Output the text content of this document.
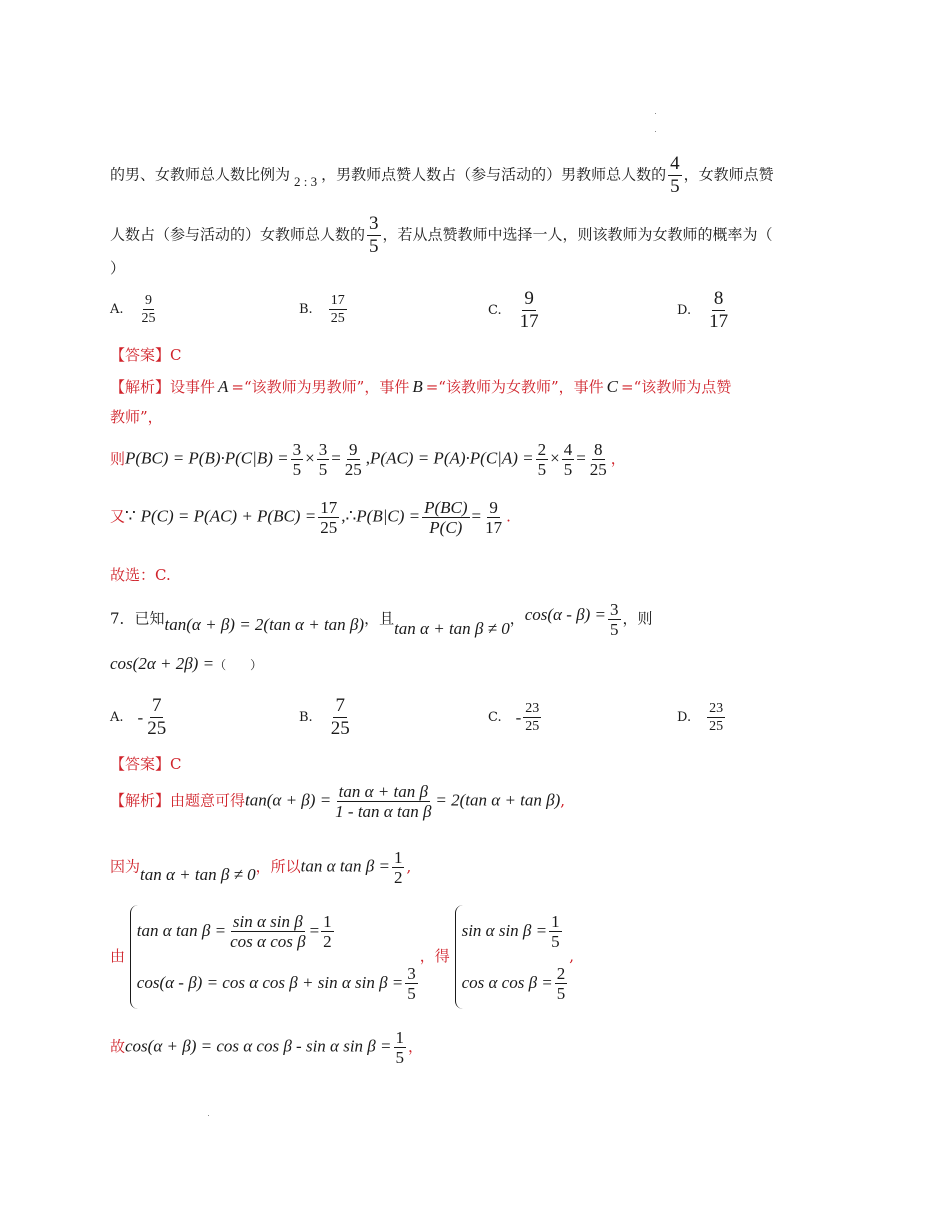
的男、女教师总人数比例为 2 : 3 ，男教师点赞人数占（参与活动的）男教师总人数的 $\frac{4}{5}$ ，女教师点赞
人数占（参与活动的）女教师总人数的 $\frac{3}{5}$ ，若从点赞教师中选择一人，则该教师为女教师的概率为（
）
A. $\frac{9}{25}$	B. $\frac{17}{25}$	C. $\frac{9}{17}$	D. $\frac{8}{17}$
【答案】C
【解析】设事件 A =“该教师为男教师”，事件 B =“该教师为女教师”，事件 C =“该教师为点赞
教师”，
则$P(BC) = P(B)\cdot P(C|B) = \frac{3}{5} \times \frac{3}{5} = \frac{9}{25} ,P(AC) = P(A)\cdot P(C|A) = \frac{2}{5} \times \frac{4}{5} = \frac{8}{25}$ ，
又∵ $P(C) = P(AC) + P(BC) = \frac{17}{25}$ ,∴P(B|C) = $\frac{P(BC)}{P(C)} = \frac{9}{17}$ .
故选：C.
7．已知tan(α + β) = 2(tan α + tan β)，且tan α + tan β ≠ 0，$\cos(\alpha - \beta) = \frac{3}{5}$ ，则
cos(2α + 2β) =（　　）
A. - $\frac{7}{25}$	B. $\frac{7}{25}$	C. - $\frac{23}{25}$	D. $\frac{23}{25}$
【答案】C
【解析】由题意可得$\tan(\alpha + \beta) = \frac{\text{tan α + tan β}}{\text{1 - tan α tan β}} = 2(\tan$ α + tan β),
因为tan α + tan β ≠ 0，所以tan α $\tan \beta = \frac{1}{2}$ ,
由
tan α $\tan \beta = \frac{\text{sin α sin β}}{\text{cos α cos β}} = \frac{1}{2}$
cos(α - β) = cos α cos β + sin α $\sin \beta = \frac{3}{5}$
，得
sin α $\sin \beta = \frac{1}{5}$
cos α $\cos \beta = \frac{2}{5}$
,
故cos(α + β) = cos α cos β - sin α $\sin \beta = \frac{1}{5}$ ，
